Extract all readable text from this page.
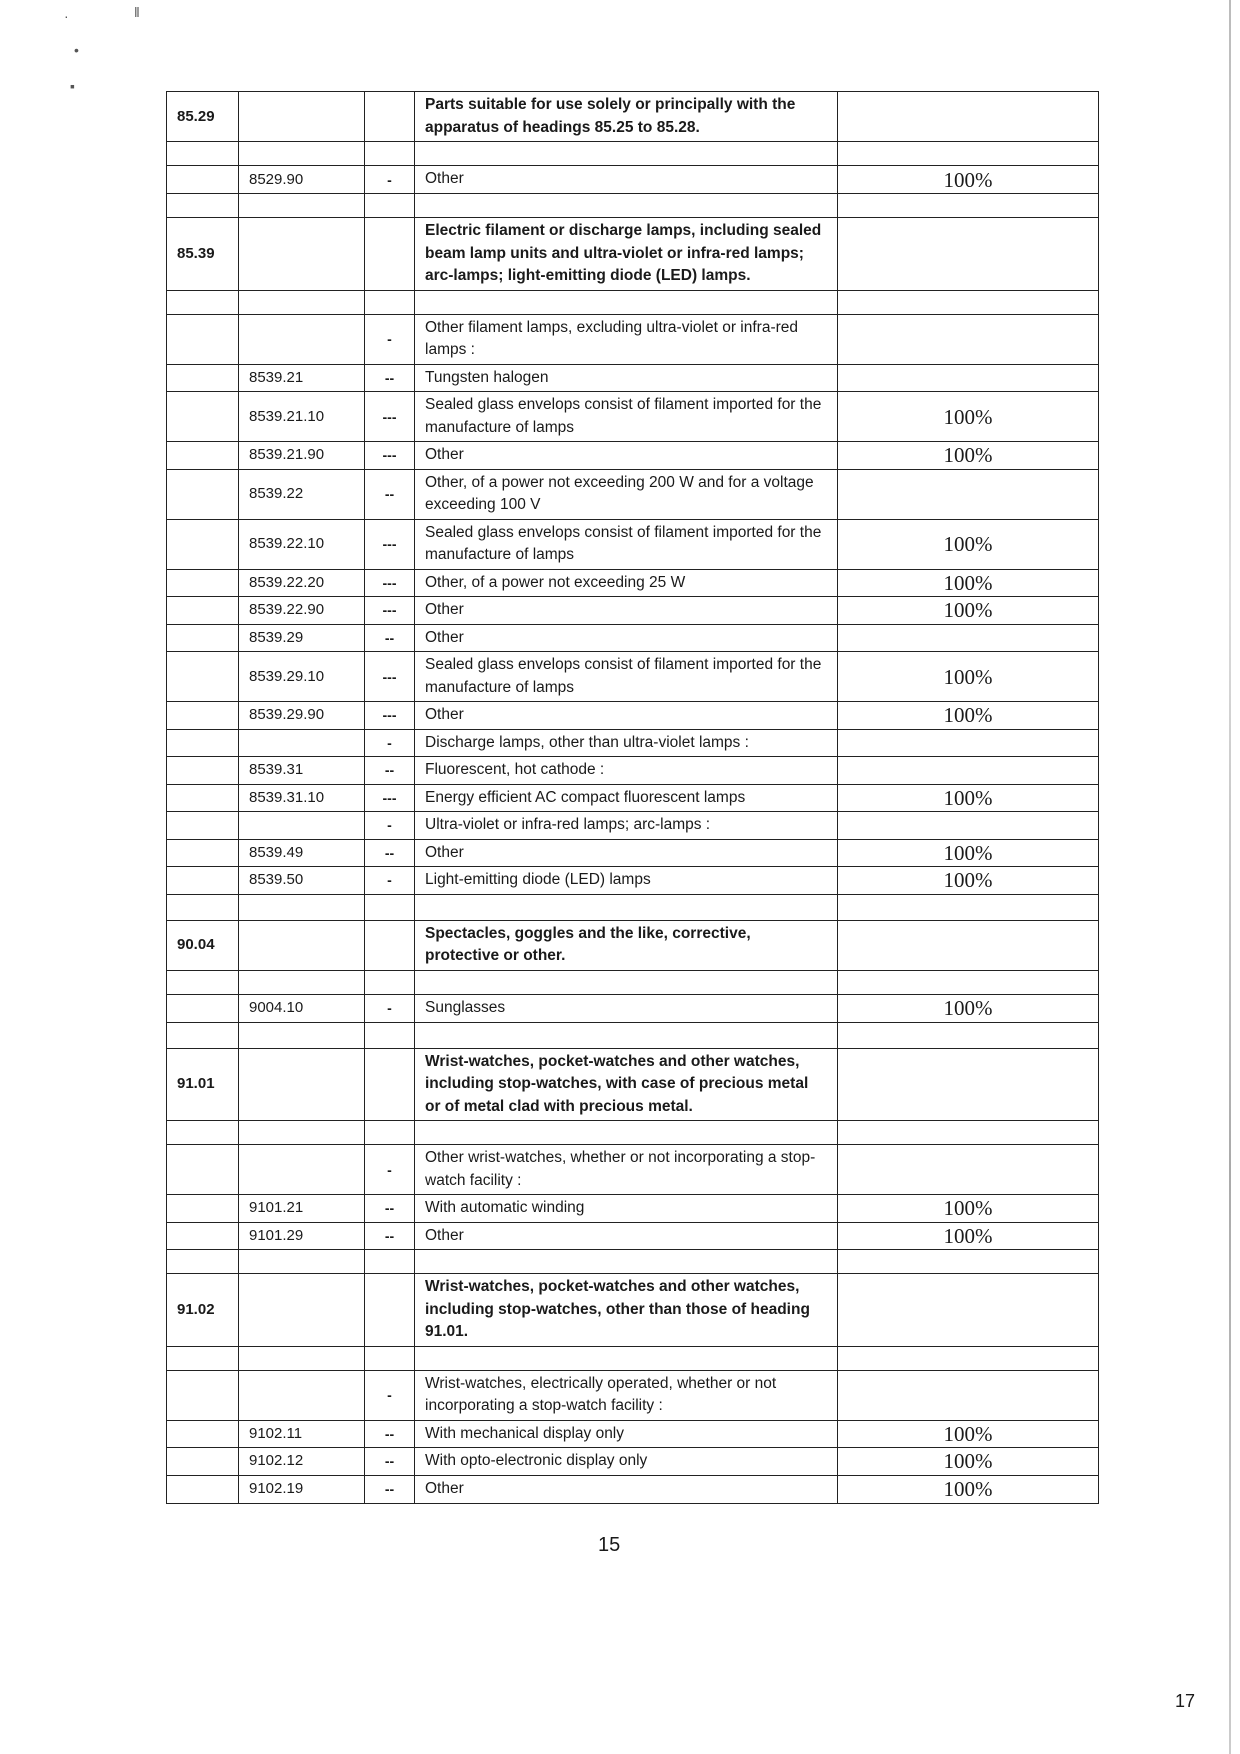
·	‖
•
▪
85.29			Parts suitable for use solely or principally with the apparatus of headings 85.25 to 85.28.	

	8529.90	-	Other	100%

85.39			Electric filament or discharge lamps, including sealed beam lamp units and ultra-violet or infra-red lamps; arc-lamps; light-emitting diode (LED) lamps.	

		-	Other filament lamps, excluding ultra-violet or infra-red lamps :	
	8539.21	--	Tungsten halogen	
	8539.21.10	---	Sealed glass envelops consist of filament imported for the manufacture of lamps	100%
	8539.21.90	---	Other	100%
	8539.22	--	Other, of a power not exceeding 200 W and for a voltage exceeding 100 V	
	8539.22.10	---	Sealed glass envelops consist of filament imported for the manufacture of lamps	100%
	8539.22.20	---	Other, of a power not exceeding 25 W	100%
	8539.22.90	---	Other	100%
	8539.29	--	Other	
	8539.29.10	---	Sealed glass envelops consist of filament imported for the manufacture of lamps	100%
	8539.29.90	---	Other	100%
		-	Discharge lamps, other than ultra-violet lamps :	
	8539.31	--	Fluorescent, hot cathode :	
	8539.31.10	---	Energy efficient AC compact fluorescent lamps	100%
		-	Ultra-violet or infra-red lamps; arc-lamps :	
	8539.49	--	Other	100%
	8539.50	-	Light-emitting diode (LED) lamps	100%

90.04			Spectacles, goggles and the like, corrective, protective or other.	

	9004.10	-	Sunglasses	100%

91.01			Wrist-watches, pocket-watches and other watches, including stop-watches, with case of precious metal or of metal clad with precious metal.	

		-	Other wrist-watches, whether or not incorporating a stop-watch facility :	
	9101.21	--	With automatic winding	100%
	9101.29	--	Other	100%

91.02			Wrist-watches, pocket-watches and other watches, including stop-watches, other than those of heading 91.01.	

		-	Wrist-watches, electrically operated, whether or not incorporating a stop-watch facility :	
	9102.11	--	With mechanical display only	100%
	9102.12	--	With opto-electronic display only	100%
	9102.19	--	Other	100%
15
17
